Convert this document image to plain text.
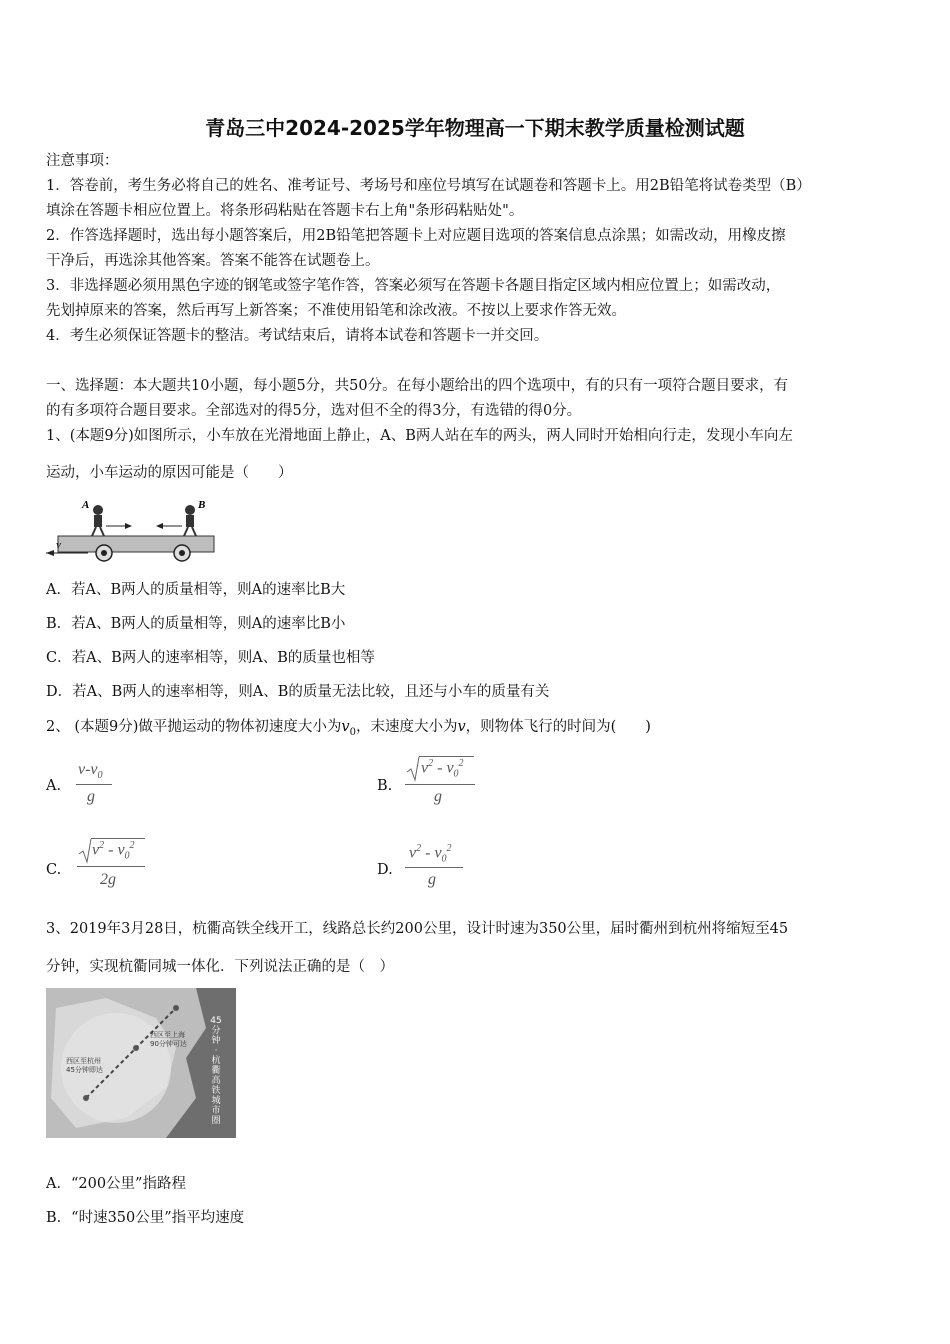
青岛三中2024-2025学年物理高一下期末教学质量检测试题
注意事项：
1．答卷前，考生务必将自己的姓名、准考证号、考场号和座位号填写在试题卷和答题卡上。用2B铅笔将试卷类型（B）
填涂在答题卡相应位置上。将条形码粘贴在答题卡右上角"条形码粘贴处"。
2．作答选择题时，选出每小题答案后，用2B铅笔把答题卡上对应题目选项的答案信息点涂黑；如需改动，用橡皮擦
干净后，再选涂其他答案。答案不能答在试题卷上。
3．非选择题必须用黑色字迹的钢笔或签字笔作答，答案必须写在答题卡各题目指定区域内相应位置上；如需改动，
先划掉原来的答案，然后再写上新答案；不准使用铅笔和涂改液。不按以上要求作答无效。
4．考生必须保证答题卡的整洁。考试结束后，请将本试卷和答题卡一并交回。
一、选择题：本大题共10小题，每小题5分，共50分。在每小题给出的四个选项中，有的只有一项符合题目要求，有
的有多项符合题目要求。全部选对的得5分，选对但不全的得3分，有选错的得0分。
1、(本题9分)如图所示，小车放在光滑地面上静止，A、B两人站在车的两头，两人同时开始相向行走，发现小车向左
运动，小车运动的原因可能是（　　）
v
A	B
A．若A、B两人的质量相等，则A的速率比B大
B．若A、B两人的质量相等，则A的速率比B小
C．若A、B两人的速率相等，则A、B的质量也相等
D．若A、B两人的速率相等，则A、B的质量无法比较，且还与小车的质量有关
2、 (本题9分)做平抛运动的物体初速度大小为$v_0$，末速度大小为v，则物体飞行的时间为(　　)
A.
$v-v_0$
g
B.
$v^2 - v_0^2$
g
C.
$v^2 - v_0^2$
2g
D.
$v^2 - v_0^2$
g
3、2019年3月28日，杭衢高铁全线开工，线路总长约200公里，设计时速为350公里，届时衢州到杭州将缩短至45
分钟，实现杭衢同城一体化．下列说法正确的是（　）
西区至上海
90分钟可达
西区至杭州
45分钟即达
45
分
钟
·
杭
衢
高
铁
城
市
圈
A．“200公里”指路程
B．“时速350公里”指平均速度
